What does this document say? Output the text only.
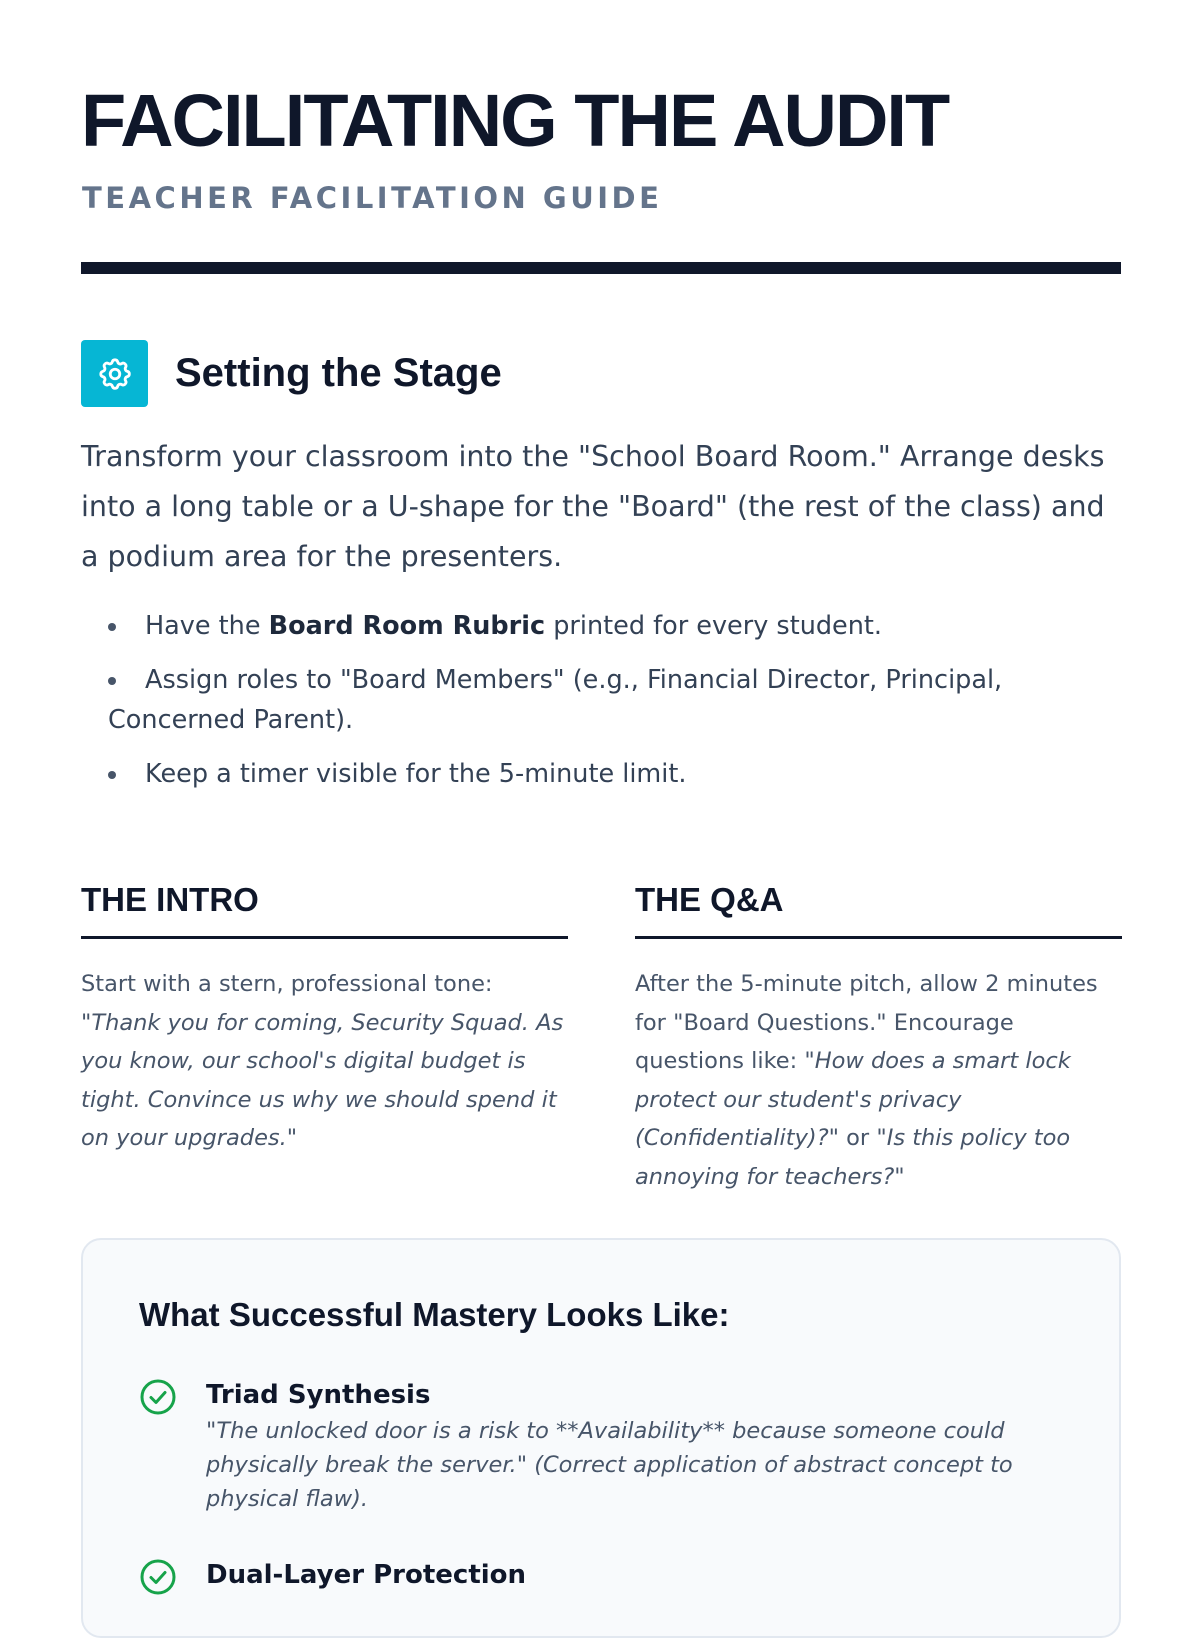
FACILITATING THE AUDIT
TEACHER FACILITATION GUIDE
Setting the Stage

Transform your classroom into the "School Board Room." Arrange desks into a long table or a U-shape for the "Board" (the rest of the class) and a podium area for the presenters.

Have the Board Room Rubric printed for every student.
Assign roles to "Board Members" (e.g., Financial Director, Principal, Concerned Parent).
Keep a timer visible for the 5-minute limit.
THE INTRO

Start with a stern, professional tone: "Thank you for coming, Security Squad. As you know, our school's digital budget is tight. Convince us why we should spend it on your upgrades."

THE Q&A

After the 5-minute pitch, allow 2 minutes for "Board Questions." Encourage questions like: "How does a smart lock protect our student's privacy (Confidentiality)?" or "Is this policy too annoying for teachers?"

What Successful Mastery Looks Like:
Triad Synthesis
"The unlocked door is a risk to **Availability** because someone could physically break the server." (Correct application of abstract concept to physical flaw).
Dual-Layer Protection
